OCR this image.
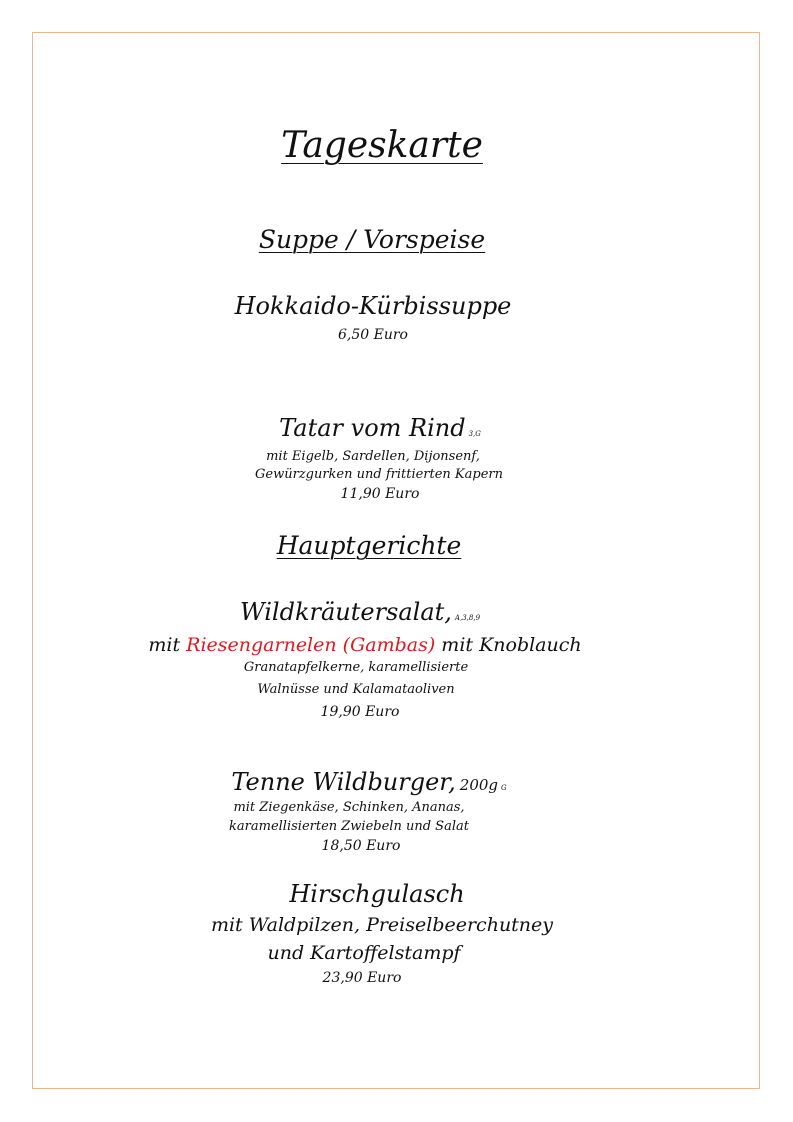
Tageskarte
Suppe / Vorspeise
Hokkaido-Kürbissuppe
6,50 Euro
Tatar vom Rind 3,G
mit Eigelb, Sardellen, Dijonsenf,
Gewürzgurken und frittierten Kapern
11,90 Euro
Hauptgerichte
Wildkräutersalat, A,3,8,9
mit Riesengarnelen (Gambas) mit Knoblauch
Granatapfelkerne, karamellisierte
Walnüsse und Kalamataoliven
19,90 Euro
Tenne Wildburger, 200g G
mit Ziegenkäse, Schinken, Ananas,
karamellisierten Zwiebeln und Salat
18,50 Euro
Hirschgulasch
mit Waldpilzen, Preiselbeerchutney
und Kartoffelstampf
23,90 Euro
